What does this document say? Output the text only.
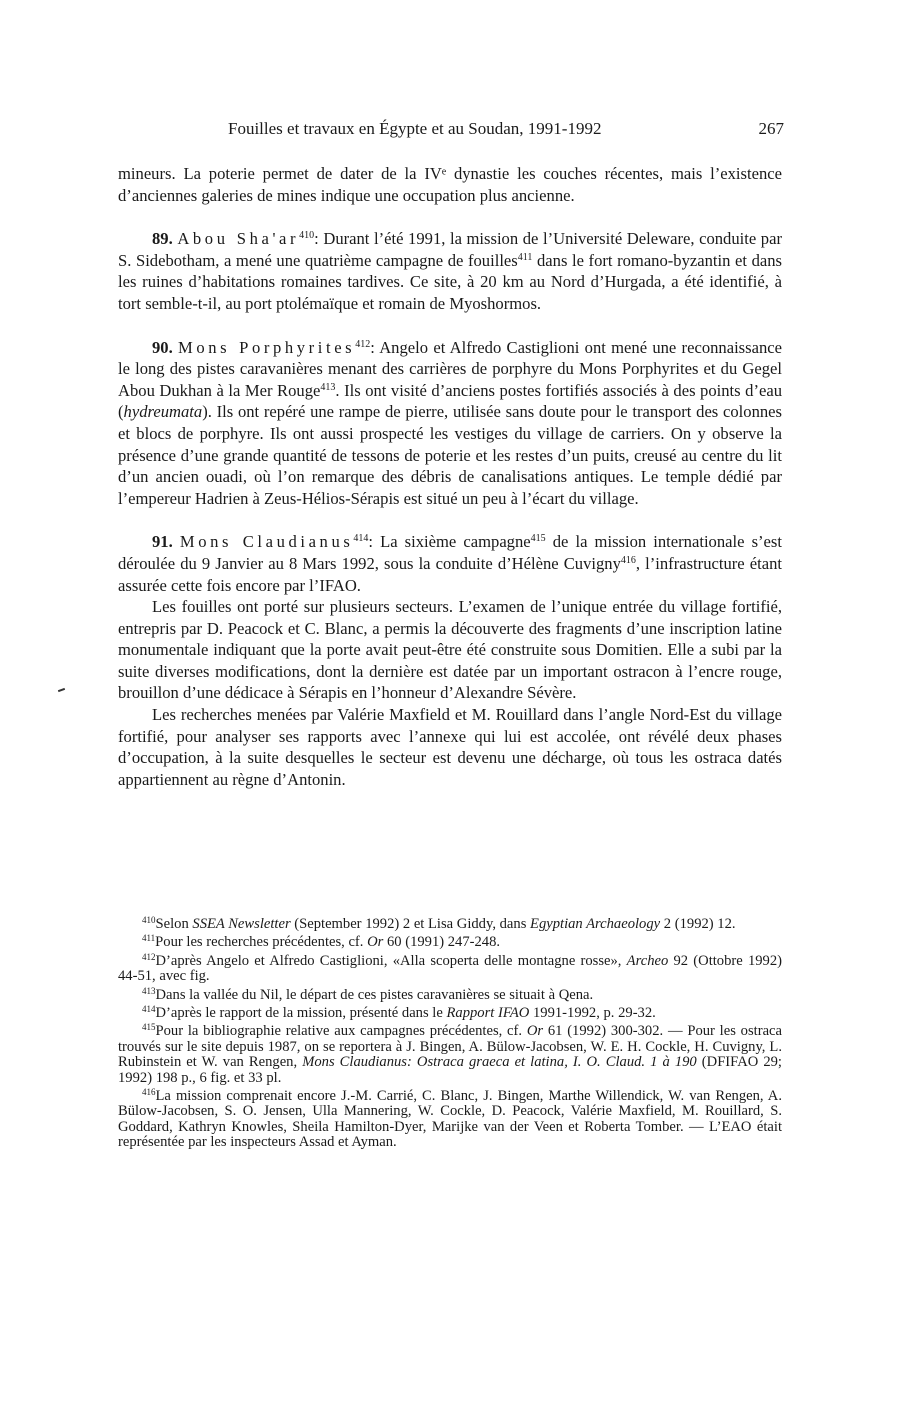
Fouilles et travaux en Égypte et au Soudan, 1991-1992	267

mineurs. La poterie permet de dater de la IVᵉ dynastie les couches récentes, mais l’existence d’anciennes galeries de mines indique une occupation plus ancienne.

89. Abou $Sha'ar^{410}$: Durant l’été 1991, la mission de l’Université Deleware, conduite par S. Sidebotham, a mené une quatrième campagne de fouilles$^{411}$ dans le fort romano-byzantin et dans les ruines d’habitations romaines tardives. Ce site, à 20 km au Nord d’Hurgada, a été identifié, à tort semble-t-il, au port ptolémaïque et romain de Myoshormos.

90. Mons Porphyrites$^{412}$: Angelo et Alfredo Castiglioni ont mené une reconnaissance le long des pistes caravanières menant des carrières de porphyre du Mons Porphyrites et du Gegel Abou Dukhan à la Mer Rouge$^{413}$. Ils ont visité d’anciens postes fortifiés associés à des points d’eau (hydreumata). Ils ont repéré une rampe de pierre, utilisée sans doute pour le transport des colonnes et blocs de porphyre. Ils ont aussi prospecté les vestiges du village de carriers. On y observe la présence d’une grande quantité de tessons de poterie et les restes d’un puits, creusé au centre du lit d’un ancien ouadi, où l’on remarque des débris de canalisations antiques. Le temple dédié par l’empereur Hadrien à Zeus-Hélios-Sérapis est situé un peu à l’écart du village.

91. Mons Claudianus$^{414}$: La sixième campagne$^{415}$ de la mission internationale s’est déroulée du 9 Janvier au 8 Mars 1992, sous la conduite d’Hélène Cuvigny$^{416}$, l’infrastructure étant assurée cette fois encore par l’IFAO.

Les fouilles ont porté sur plusieurs secteurs. L’examen de l’unique entrée du village fortifié, entrepris par D. Peacock et C. Blanc, a permis la découverte des fragments d’une inscription latine monumentale indiquant que la porte avait peut-être été construite sous Domitien. Elle a subi par la suite diverses modifications, dont la dernière est datée par un important ostracon à l’encre rouge, brouillon d’une dédicace à Sérapis en l’honneur d’Alexandre Sévère.

Les recherches menées par Valérie Maxfield et M. Rouillard dans l’angle Nord-Est du village fortifié, pour analyser ses rapports avec l’annexe qui lui est accolée, ont révélé deux phases d’occupation, à la suite desquelles le secteur est devenu une décharge, où tous les ostraca datés appartiennent au règne d’Antonin.

$^{410}$Selon SSEA Newsletter (September 1992) 2 et Lisa Giddy, dans Egyptian Archaeology 2 (1992) 12.

$^{411}$Pour les recherches précédentes, cf. Or 60 (1991) 247-248.

$^{412}$D’après Angelo et Alfredo Castiglioni, «Alla scoperta delle montagne rosse», Archeo 92 (Ottobre 1992) 44-51, avec fig.

$^{413}$Dans la vallée du Nil, le départ de ces pistes caravanières se situait à Qena.

$^{414}$D’après le rapport de la mission, présenté dans le Rapport IFAO 1991-1992, p. 29-32.

$^{415}$Pour la bibliographie relative aux campagnes précédentes, cf. Or 61 (1992) 300-302. — Pour les ostraca trouvés sur le site depuis 1987, on se reportera à J. Bingen, A. Bülow-Jacobsen, W. E. H. Cockle, H. Cuvigny, L. Rubinstein et W. van Rengen, Mons Claudianus: Ostraca graeca et latina, I. O. Claud. 1 à 190 (DFIFAO 29; 1992) 198 p., 6 fig. et 33 pl.

$^{416}$La mission comprenait encore J.-M. Carrié, C. Blanc, J. Bingen, Marthe Willendick, W. van Rengen, A. Bülow-Jacobsen, S. O. Jensen, Ulla Mannering, W. Cockle, D. Peacock, Valérie Maxfield, M. Rouillard, S. Goddard, Kathryn Knowles, Sheila Hamilton-Dyer, Marijke van der Veen et Roberta Tomber. — L’EAO était représentée par les inspecteurs Assad et Ayman.
